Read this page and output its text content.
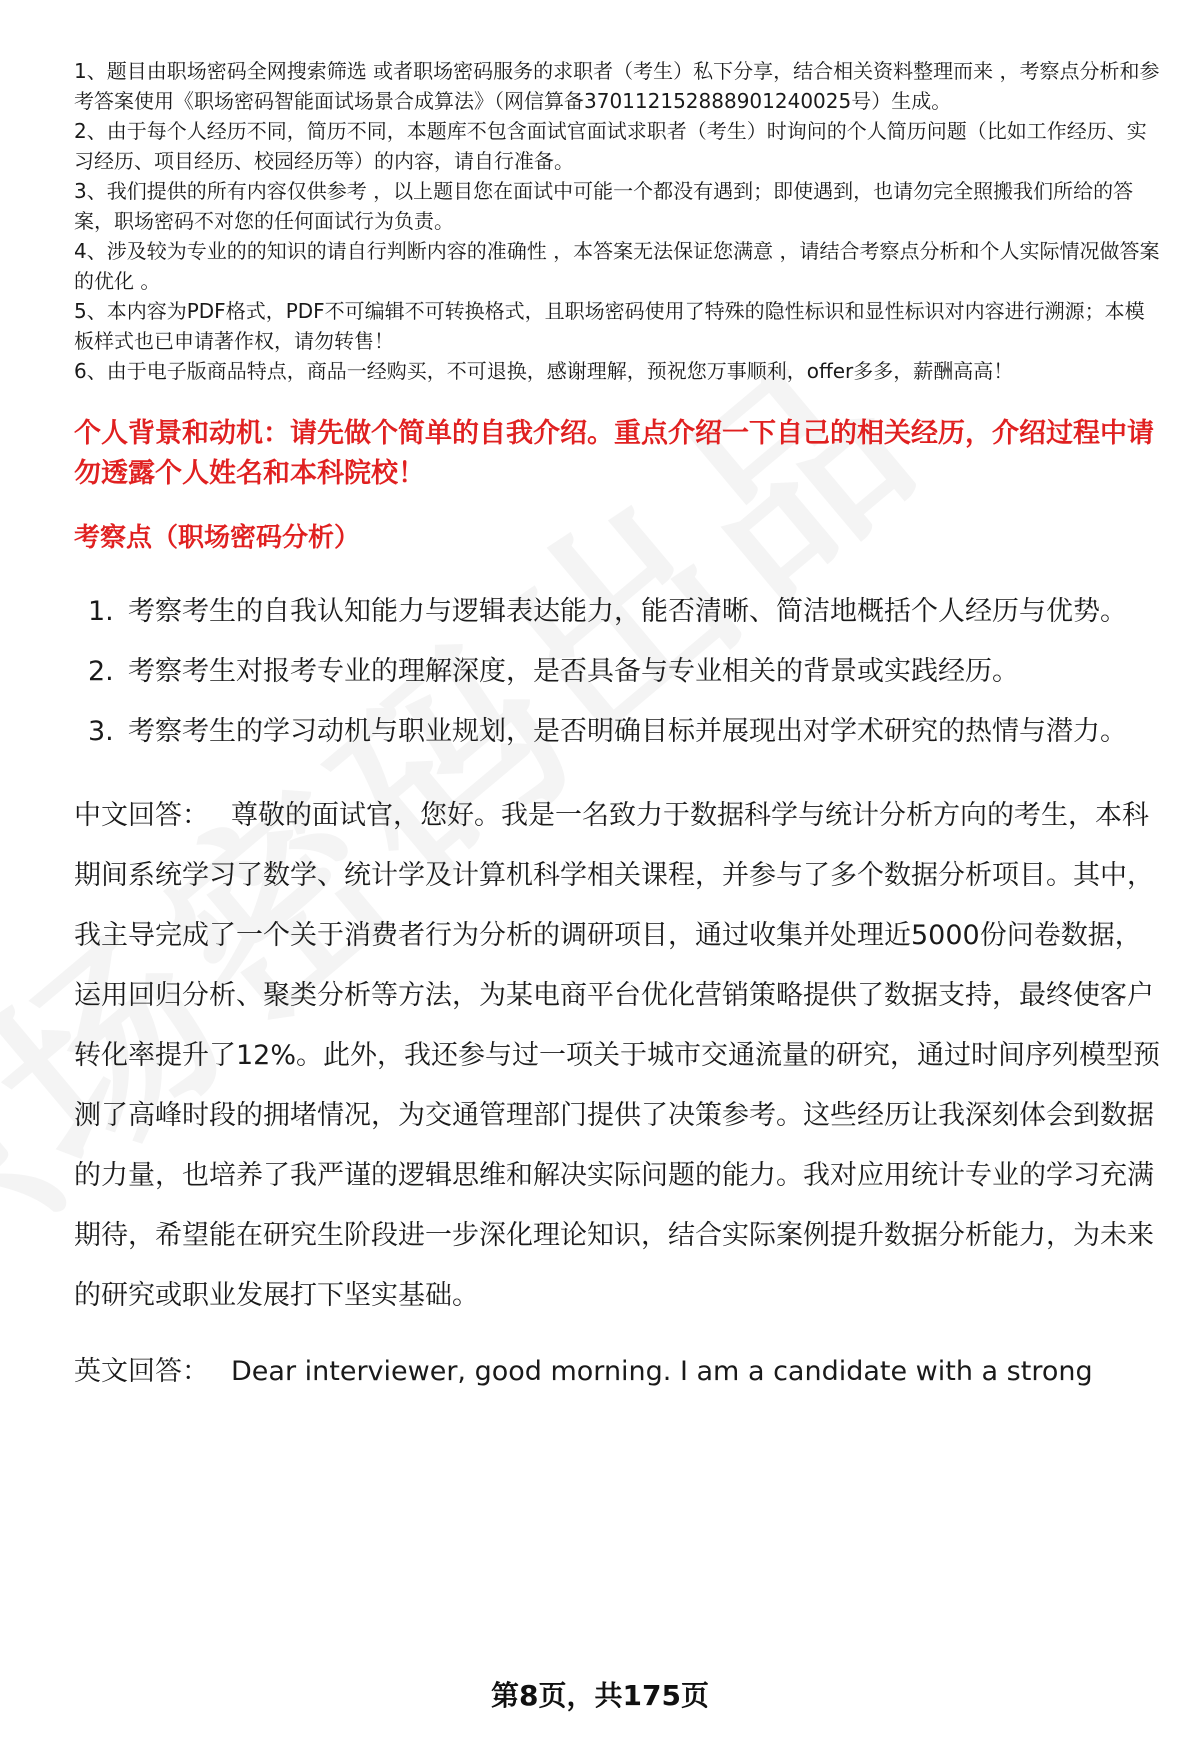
1、题目由职场密码全网搜索筛选 或者职场密码服务的求职者（考生）私下分享，结合相关资料整理而来 ，考察点分析和参考答案使用《职场密码智能面试场景合成算法》（网信算备370112152888901240025号）生成。
2、由于每个人经历不同，简历不同，本题库不包含面试官面试求职者（考生）时询问的个人简历问题（比如工作经历、实习经历、项目经历、校园经历等）的内容，请自行准备。
3、我们提供的所有内容仅供参考 ，以上题目您在面试中可能一个都没有遇到；即使遇到，也请勿完全照搬我们所给的答案，职场密码不对您的任何面试行为负责。
4、涉及较为专业的的知识的请自行判断内容的准确性 ，本答案无法保证您满意 ，请结合考察点分析和个人实际情况做答案的优化 。
5、本内容为PDF格式，PDF不可编辑不可转换格式，且职场密码使用了特殊的隐性标识和显性标识对内容进行溯源；本模板样式也已申请著作权，请勿转售！
6、由于电子版商品特点，商品一经购买，不可退换，感谢理解，预祝您万事顺利，offer多多，薪酬高高！
个人背景和动机：请先做个简单的自我介绍。重点介绍一下自己的相关经历，介绍过程中请勿透露个人姓名和本科院校！
考察点（职场密码分析）
1. 考察考生的自我认知能力与逻辑表达能力，能否清晰、简洁地概括个人经历与优势。
2. 考察考生对报考专业的理解深度，是否具备与专业相关的背景或实践经历。
3. 考察考生的学习动机与职业规划，是否明确目标并展现出对学术研究的热情与潜力。
中文回答： 尊敬的面试官，您好。我是一名致力于数据科学与统计分析方向的考生，本科期间系统学习了数学、统计学及计算机科学相关课程，并参与了多个数据分析项目。其中，我主导完成了一个关于消费者行为分析的调研项目，通过收集并处理近5000份问卷数据，运用回归分析、聚类分析等方法，为某电商平台优化营销策略提供了数据支持，最终使客户转化率提升了12%。此外，我还参与过一项关于城市交通流量的研究，通过时间序列模型预测了高峰时段的拥堵情况，为交通管理部门提供了决策参考。这些经历让我深刻体会到数据的力量，也培养了我严谨的逻辑思维和解决实际问题的能力。我对应用统计专业的学习充满期待，希望能在研究生阶段进一步深化理论知识，结合实际案例提升数据分析能力，为未来的研究或职业发展打下坚实基础。
英文回答： Dear interviewer, good morning. I am a candidate with a strong
第8页，共175页
